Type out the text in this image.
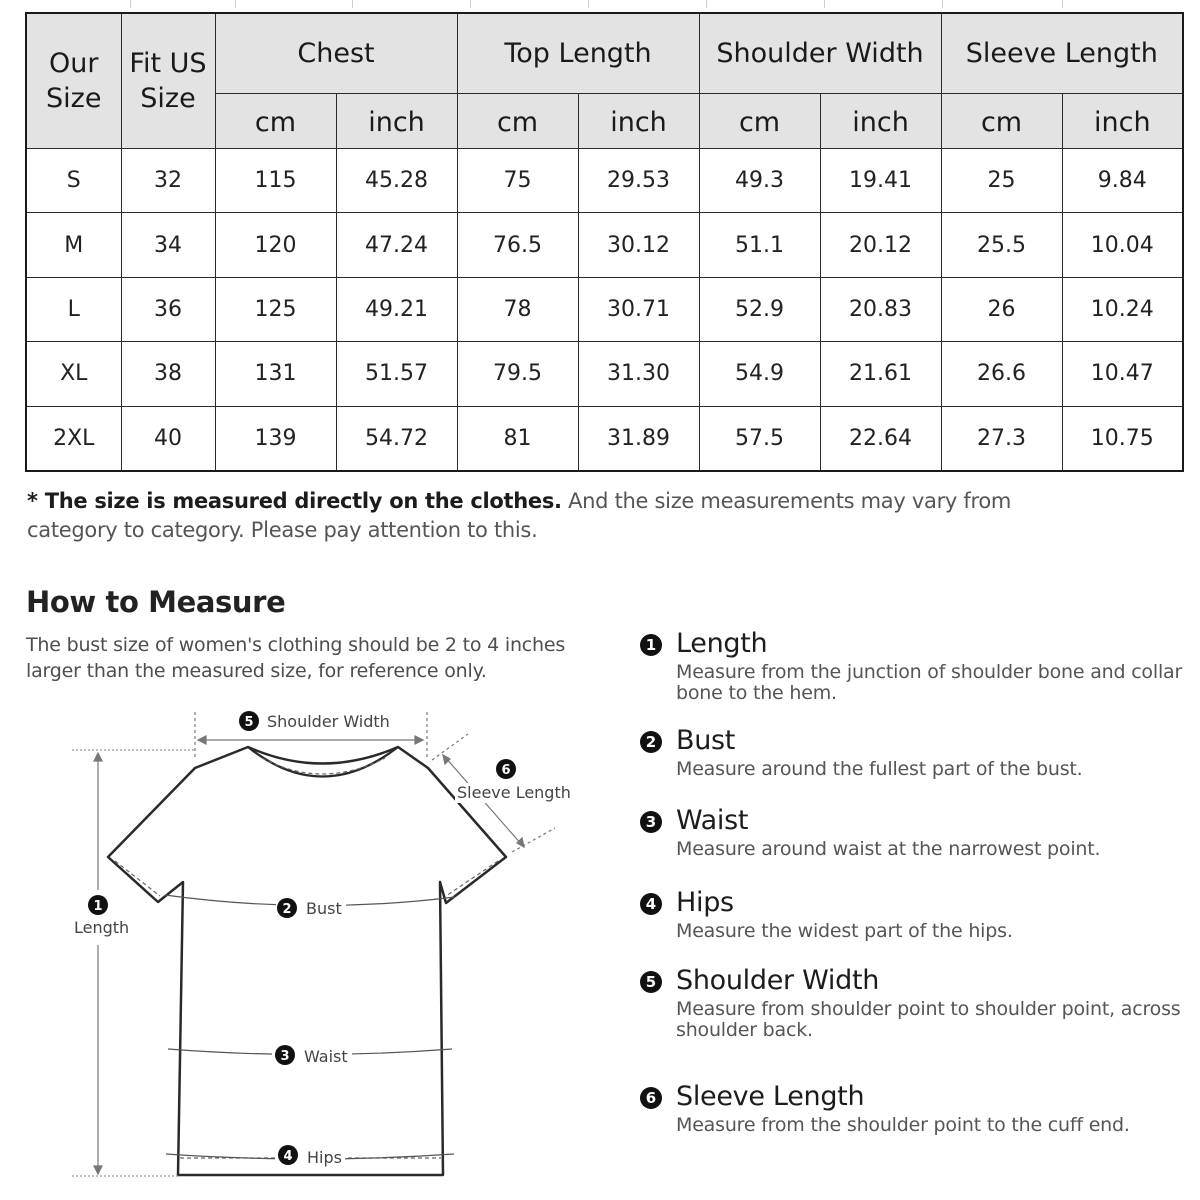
Our Size	Fit US Size	Chest		Top Length		Shoulder Width		Sleeve Length	
		cm	inch	cm	inch	cm	inch	cm	inch
S	32	115	45.28	75	29.53	49.3	19.41	25	9.84
M	34	120	47.24	76.5	30.12	51.1	20.12	25.5	10.04
L	36	125	49.21	78	30.71	52.9	20.83	26	10.24
XL	38	131	51.57	79.5	31.30	54.9	21.61	26.6	10.47
2XL	40	139	54.72	81	31.89	57.5	22.64	27.3	10.75
* The size is measured directly on the clothes. And the size measurements may vary from category to category. Please pay attention to this.
How to Measure
The bust size of women's clothing should be 2 to 4 inches larger than the measured size, for reference only.
5 Shoulder Width
6
Sleeve Length
1
Length
2 Bust
3 Waist
4 Hips
1 Length
Measure from the junction of shoulder bone and collar bone to the hem.
2 Bust
Measure around the fullest part of the bust.
3 Waist
Measure around waist at the narrowest point.
4 Hips
Measure the widest part of the hips.
5 Shoulder Width
Measure from shoulder point to shoulder point, across shoulder back.
6 Sleeve Length
Measure from the shoulder point to the cuff end.
